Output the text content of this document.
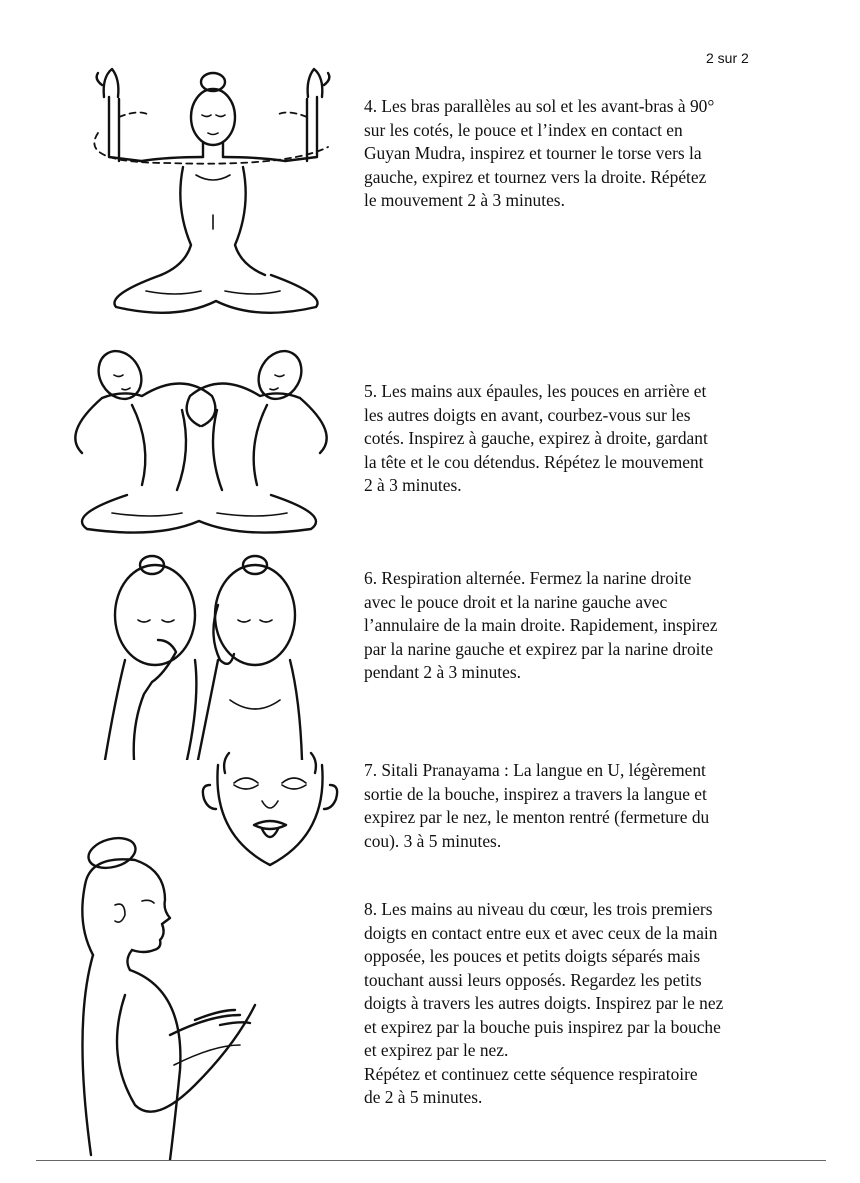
2 sur 2

4. Les bras parallèles au sol et les avant-bras à 90°
sur les cotés, le pouce et l’index en contact en
Guyan Mudra, inspirez et tourner le torse vers la
gauche, expirez et tournez vers la droite. Répétez
le mouvement 2 à 3 minutes.

5. Les mains aux épaules, les pouces en arrière et
les autres doigts en avant, courbez-vous sur les
cotés. Inspirez à gauche, expirez à droite, gardant
la tête et le cou détendus. Répétez le mouvement
2 à 3 minutes.

6. Respiration alternée. Fermez la narine droite
avec le pouce droit et la narine gauche avec
l’annulaire de la main droite. Rapidement, inspirez
par la narine gauche et expirez par la narine droite
pendant 2 à 3 minutes.

7. Sitali Pranayama : La langue en U, légèrement
sortie de la bouche, inspirez a travers la langue et
expirez par le nez, le menton rentré (fermeture du
cou). 3 à 5 minutes.

8. Les mains au niveau du cœur, les trois premiers
doigts en contact entre eux et avec ceux de la main
opposée, les pouces et petits doigts séparés mais
touchant aussi leurs opposés. Regardez les petits
doigts à travers les autres doigts. Inspirez par le nez
et expirez par la bouche puis inspirez par la bouche
et expirez par le nez.
Répétez et continuez cette séquence respiratoire
de 2 à 5 minutes.
